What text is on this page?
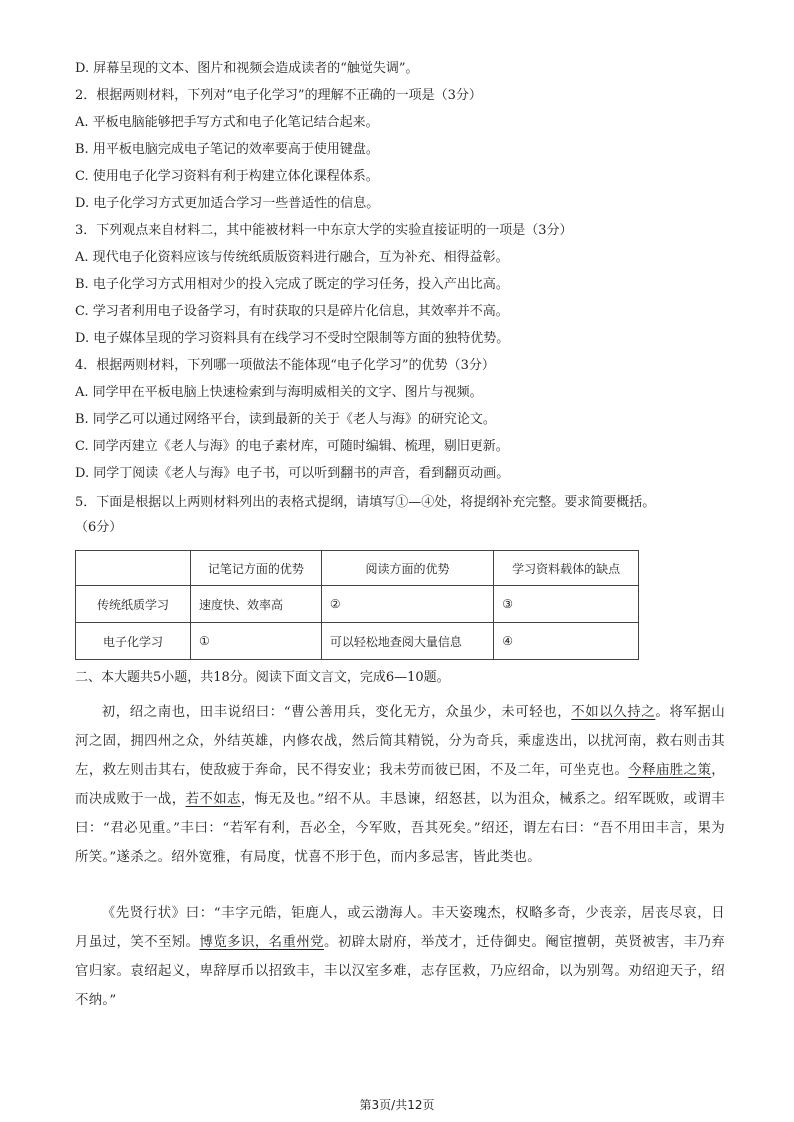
D. 屏幕呈现的文本、图片和视频会造成读者的“触觉失调”。
2．根据两则材料，下列对“电子化学习”的理解不正确的一项是（3分）
A. 平板电脑能够把手写方式和电子化笔记结合起来。
B. 用平板电脑完成电子笔记的效率要高于使用键盘。
C. 使用电子化学习资料有利于构建立体化课程体系。
D. 电子化学习方式更加适合学习一些普适性的信息。
3．下列观点来自材料二，其中能被材料一中东京大学的实验直接证明的一项是（3分）
A. 现代电子化资料应该与传统纸质版资料进行融合，互为补充、相得益彰。
B. 电子化学习方式用相对少的投入完成了既定的学习任务，投入产出比高。
C. 学习者利用电子设备学习，有时获取的只是碎片化信息，其效率并不高。
D. 电子媒体呈现的学习资料具有在线学习不受时空限制等方面的独特优势。
4．根据两则材料，下列哪一项做法不能体现“电子化学习”的优势（3分）
A. 同学甲在平板电脑上快速检索到与海明威相关的文字、图片与视频。
B. 同学乙可以通过网络平台，读到最新的关于《老人与海》的研究论文。
C. 同学丙建立《老人与海》的电子素材库，可随时编辑、梳理，剔旧更新。
D. 同学丁阅读《老人与海》电子书，可以听到翻书的声音，看到翻页动画。
5．下面是根据以上两则材料列出的表格式提纲，请填写①—④处，将提纲补充完整。要求简要概括。
（6分）
	记笔记方面的优势	阅读方面的优势	学习资料载体的缺点
传统纸质学习	速度快、效率高	②	③
电子化学习	①	可以轻松地查阅大量信息	④
二、本大题共5小题，共18分。阅读下面文言文，完成6—10题。

初，绍之南也，田丰说绍曰：“曹公善用兵，变化无方，众虽少，未可轻也，不如以久持之。将军据山河之固，拥四州之众，外结英雄，内修农战，然后简其精锐，分为奇兵，乘虚迭出，以扰河南，救右则击其左，救左则击其右，使敌疲于奔命，民不得安业；我未劳而彼已困，不及二年，可坐克也。今释庙胜之策，而决成败于一战，若不如志，悔无及也。”绍不从。丰恳谏，绍怒甚，以为沮众，械系之。绍军既败，或谓丰曰：“君必见重。”丰曰：“若军有利，吾必全，今军败，吾其死矣。”绍还，谓左右曰：“吾不用田丰言，果为所笑。”遂杀之。绍外宽雅，有局度，忧喜不形于色，而内多忌害，皆此类也。

《先贤行状》曰：“丰字元皓，钜鹿人，或云渤海人。丰天姿瑰杰，权略多奇，少丧亲，居丧尽哀，日月虽过，笑不至矧。博览多识，名重州党。初辟太尉府，举茂才，迁侍御史。阉宦擅朝，英贤被害，丰乃弃官归家。袁绍起义，卑辞厚币以招致丰，丰以汉室多难，志存匡救，乃应绍命，以为别驾。劝绍迎天子，绍不纳。”

第3页/共12页
